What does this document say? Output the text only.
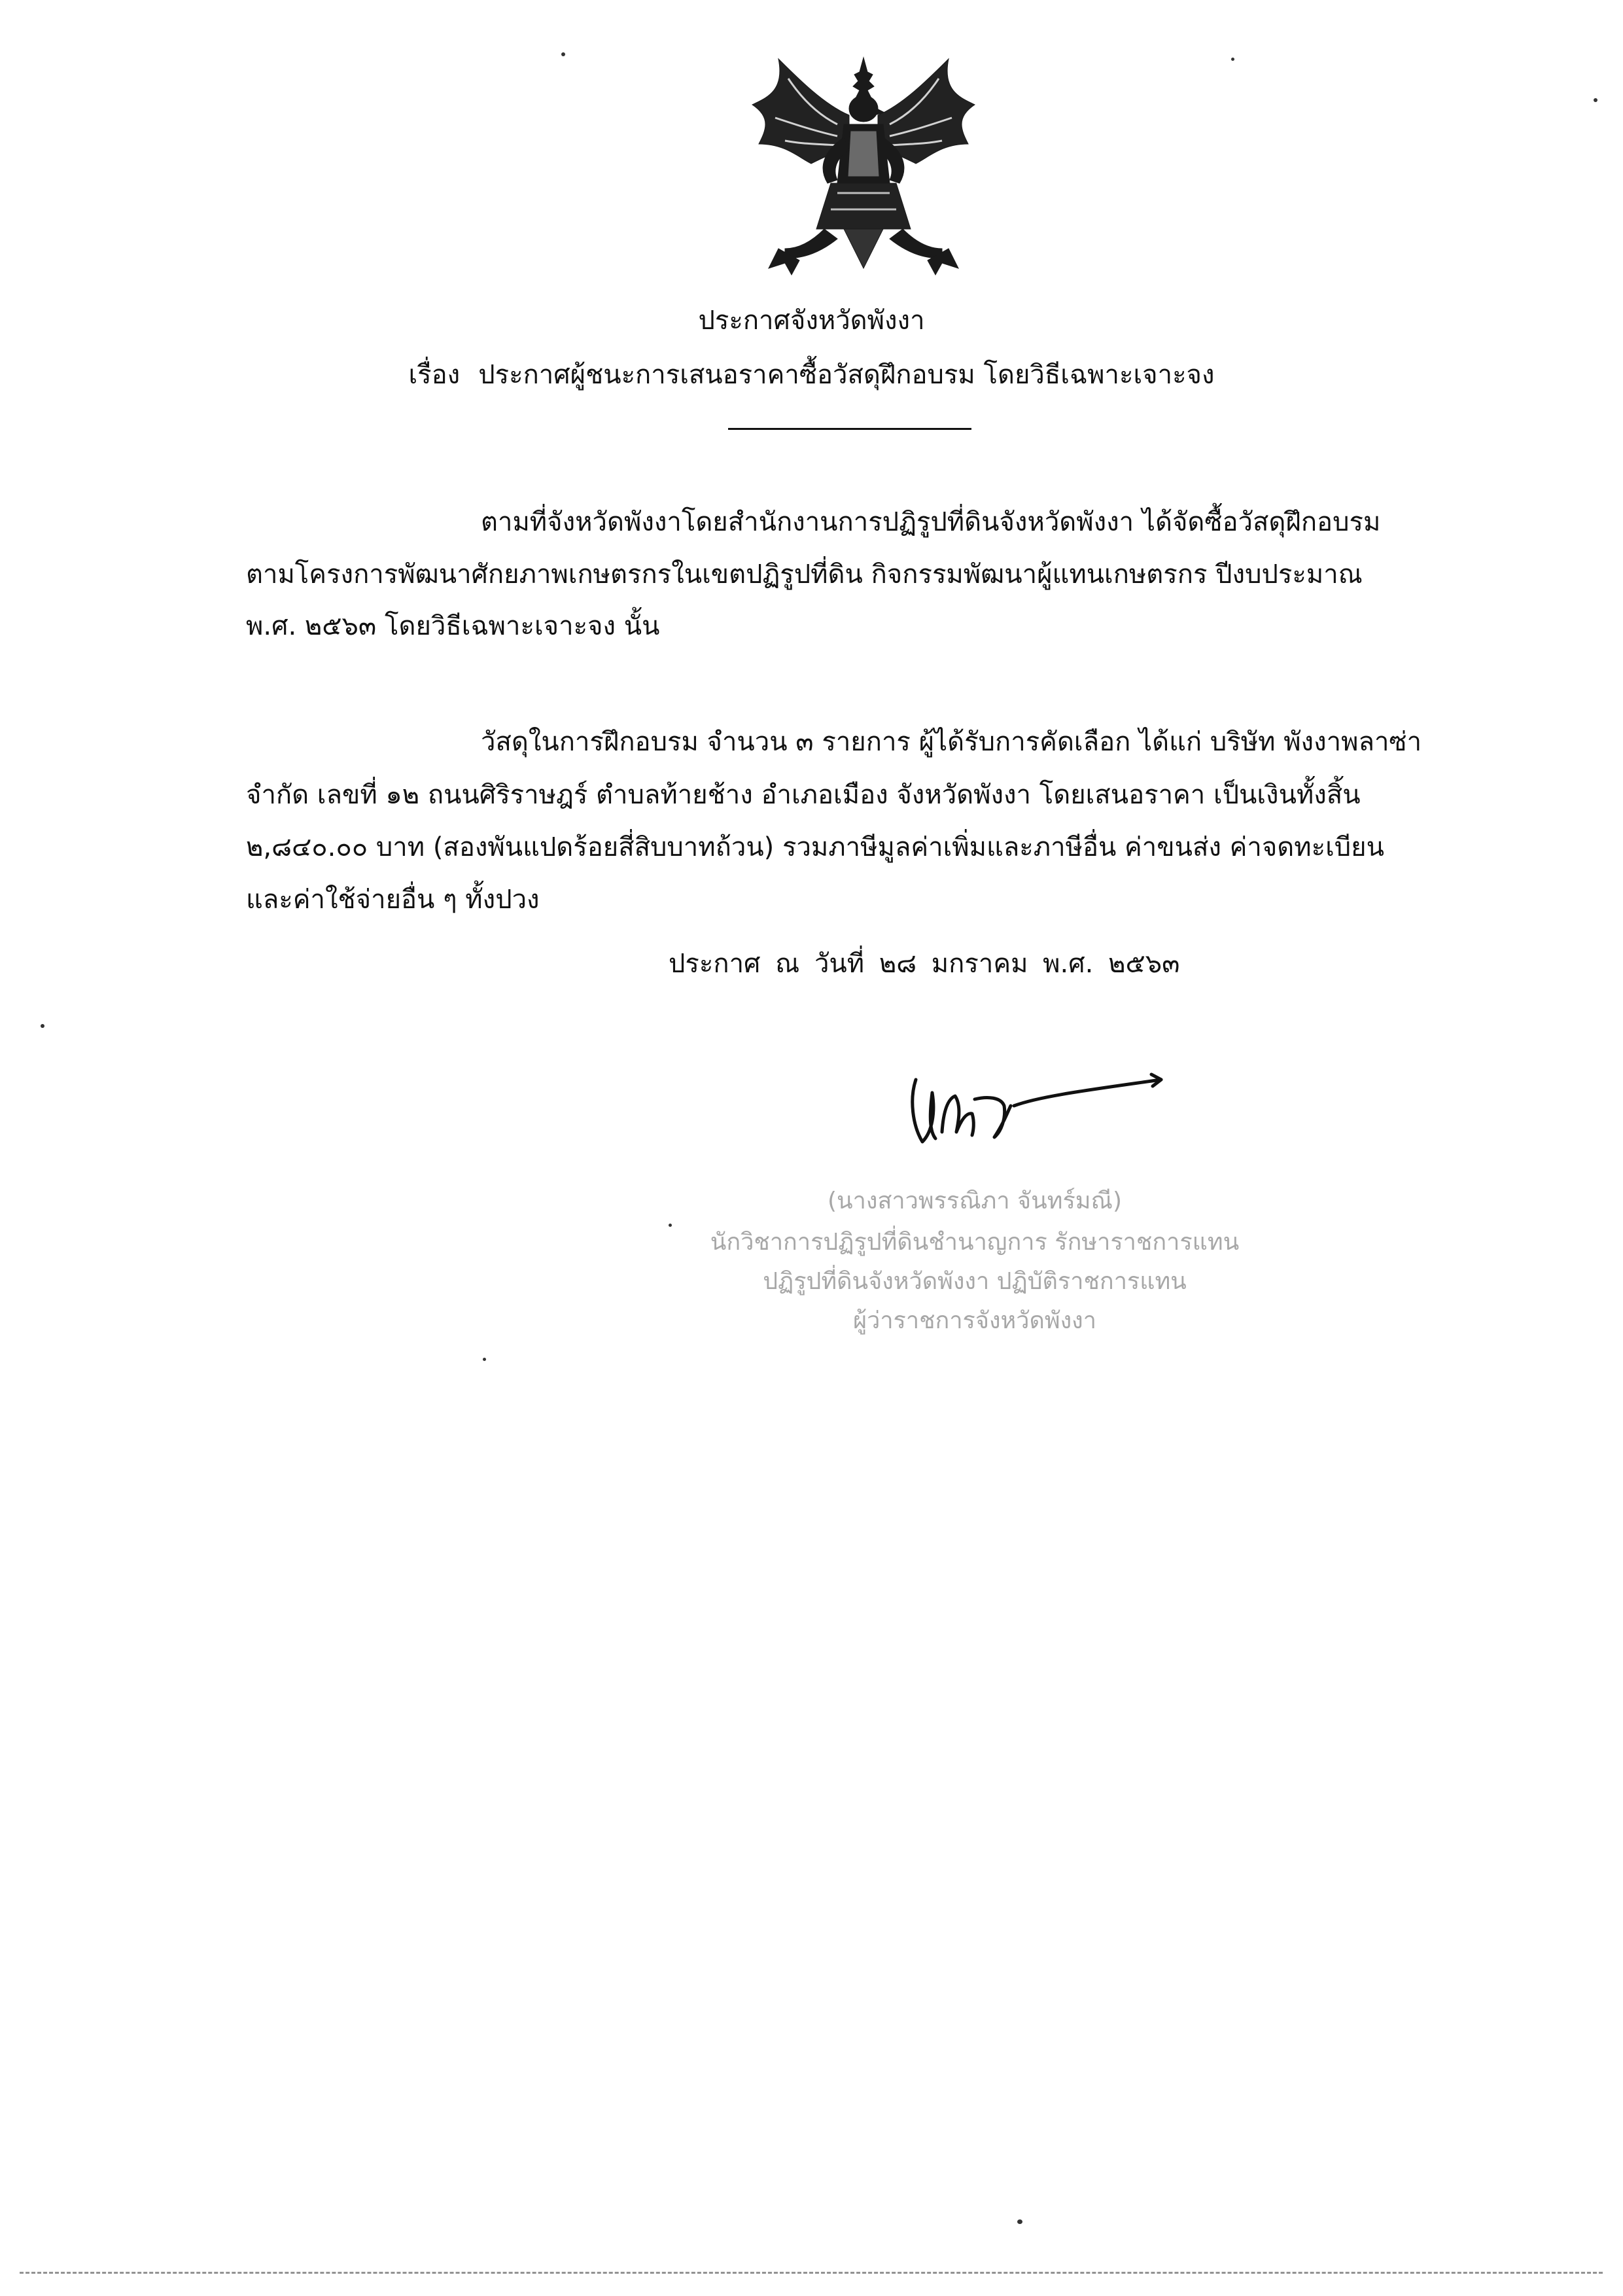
ประกาศจังหวัดพังงา
เรื่อง ประกาศผู้ชนะการเสนอราคาซื้อวัสดุฝึกอบรม โดยวิธีเฉพาะเจาะจง
ตามที่จังหวัดพังงาโดยสำนักงานการปฏิรูปที่ดินจังหวัดพังงา ได้จัดซื้อวัสดุฝึกอบรม
ตามโครงการพัฒนาศักยภาพเกษตรกรในเขตปฏิรูปที่ดิน กิจกรรมพัฒนาผู้แทนเกษตรกร ปีงบประมาณ
พ.ศ. ๒๕๖๓ โดยวิธีเฉพาะเจาะจง นั้น
วัสดุในการฝึกอบรม จำนวน ๓ รายการ ผู้ได้รับการคัดเลือก ได้แก่ บริษัท พังงาพลาซ่า
จำกัด เลขที่ ๑๒ ถนนศิริราษฎร์ ตำบลท้ายช้าง อำเภอเมือง จังหวัดพังงา โดยเสนอราคา เป็นเงินทั้งสิ้น
๒,๘๔๐.๐๐ บาท (สองพันแปดร้อยสี่สิบบาทถ้วน) รวมภาษีมูลค่าเพิ่มและภาษีอื่น ค่าขนส่ง ค่าจดทะเบียน
และค่าใช้จ่ายอื่น ๆ ทั้งปวง
ประกาศ ณ วันที่ ๒๘ มกราคม พ.ศ. ๒๕๖๓
(นางสาวพรรณิภา จันทร์มณี)
นักวิชาการปฏิรูปที่ดินชำนาญการ รักษาราชการแทน
ปฏิรูปที่ดินจังหวัดพังงา ปฏิบัติราชการแทน
ผู้ว่าราชการจังหวัดพังงา
